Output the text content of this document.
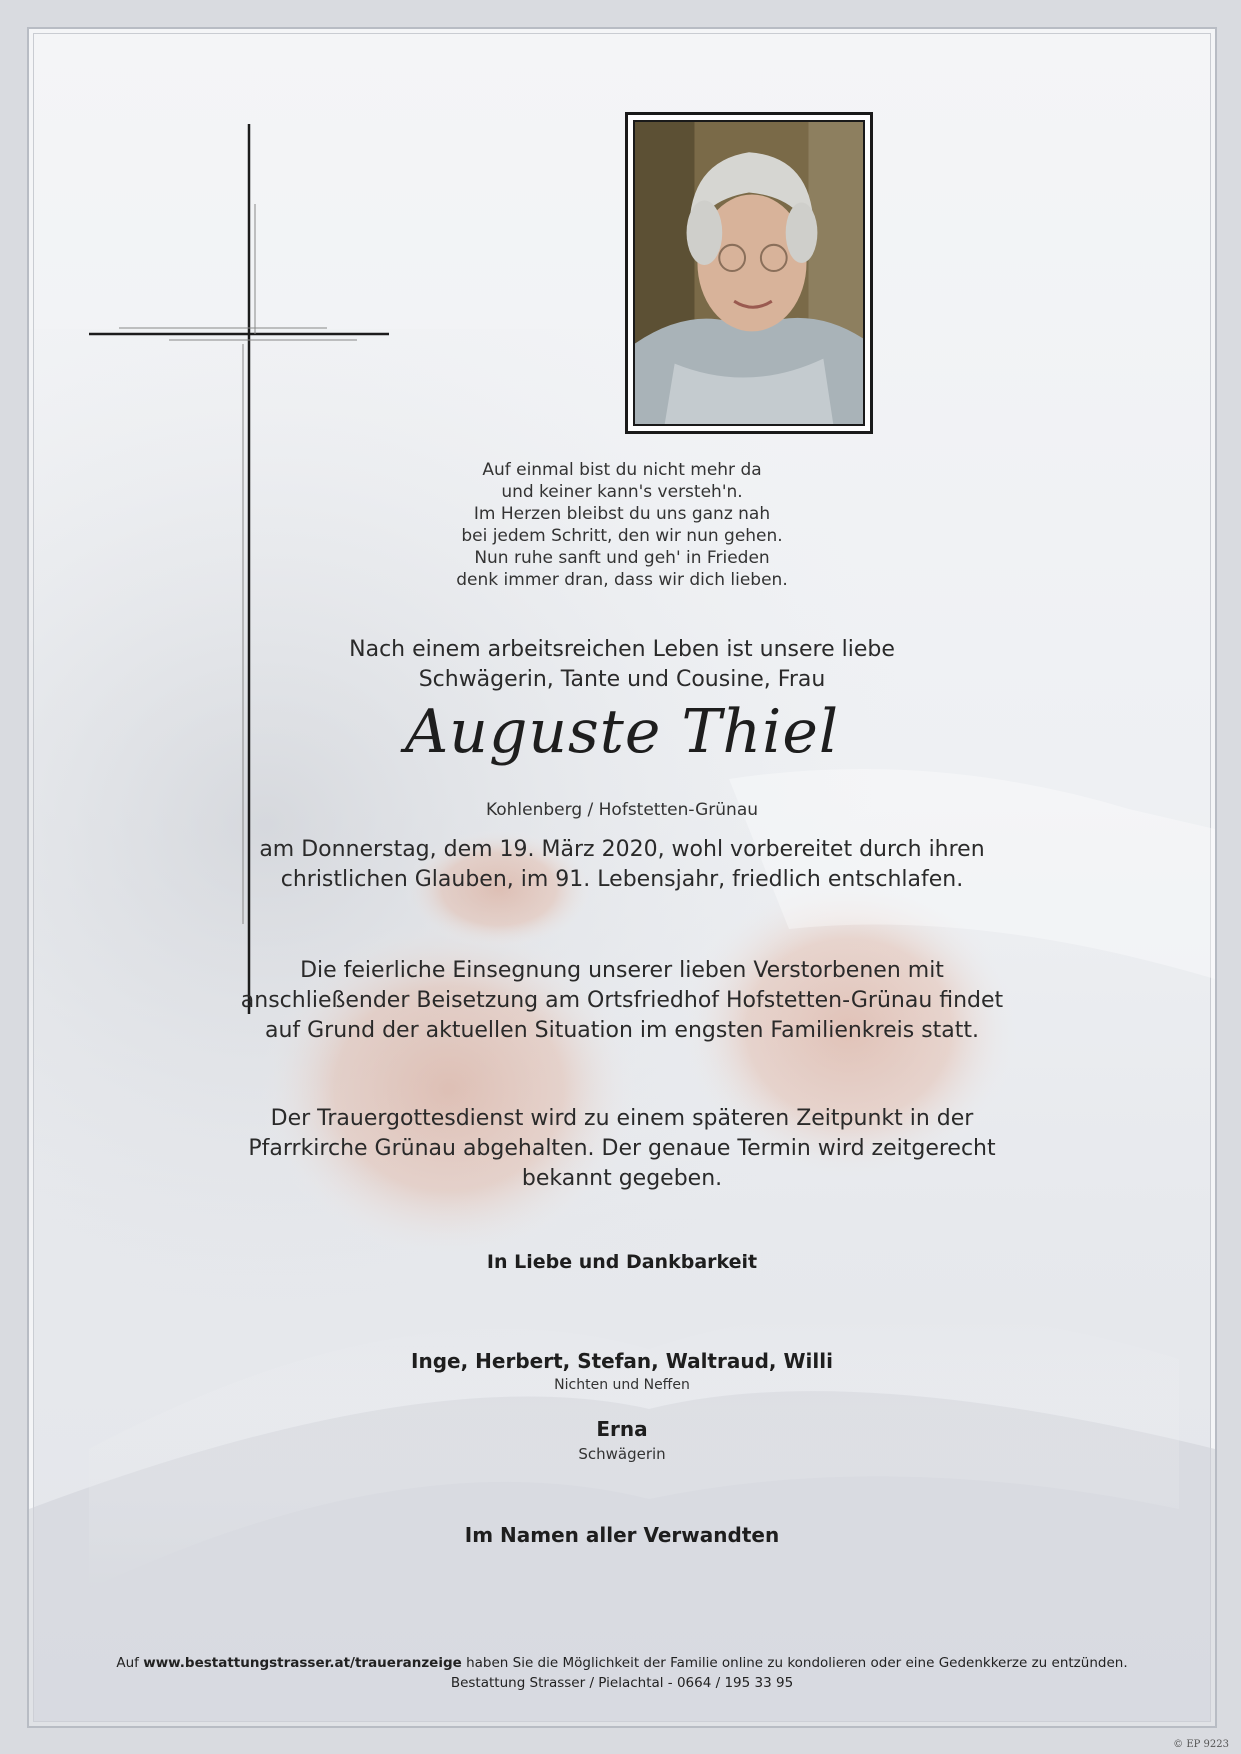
Auf einmal bist du nicht mehr da
und keiner kann's versteh'n.
Im Herzen bleibst du uns ganz nah
bei jedem Schritt, den wir nun gehen.
Nun ruhe sanft und geh' in Frieden
denk immer dran, dass wir dich lieben.
Nach einem arbeitsreichen Leben ist unsere liebe
Schwägerin, Tante und Cousine, Frau
Auguste Thiel
Kohlenberg / Hofstetten-Grünau
am Donnerstag, dem 19. März 2020, wohl vorbereitet durch ihren
christlichen Glauben, im 91. Lebensjahr, friedlich entschlafen.
Die feierliche Einsegnung unserer lieben Verstorbenen mit
anschließender Beisetzung am Ortsfriedhof Hofstetten-Grünau findet
auf Grund der aktuellen Situation im engsten Familienkreis statt.
Der Trauergottesdienst wird zu einem späteren Zeitpunkt in der
Pfarrkirche Grünau abgehalten. Der genaue Termin wird zeitgerecht
bekannt gegeben.
In Liebe und Dankbarkeit
Inge, Herbert, Stefan, Waltraud, Willi
Nichten und Neffen
Erna
Schwägerin
Im Namen aller Verwandten
Auf www.bestattungstrasser.at/traueranzeige haben Sie die Möglichkeit der Familie online zu kondolieren oder eine Gedenkkerze zu entzünden.
Bestattung Strasser / Pielachtal - 0664 / 195 33 95
© EP 9223
